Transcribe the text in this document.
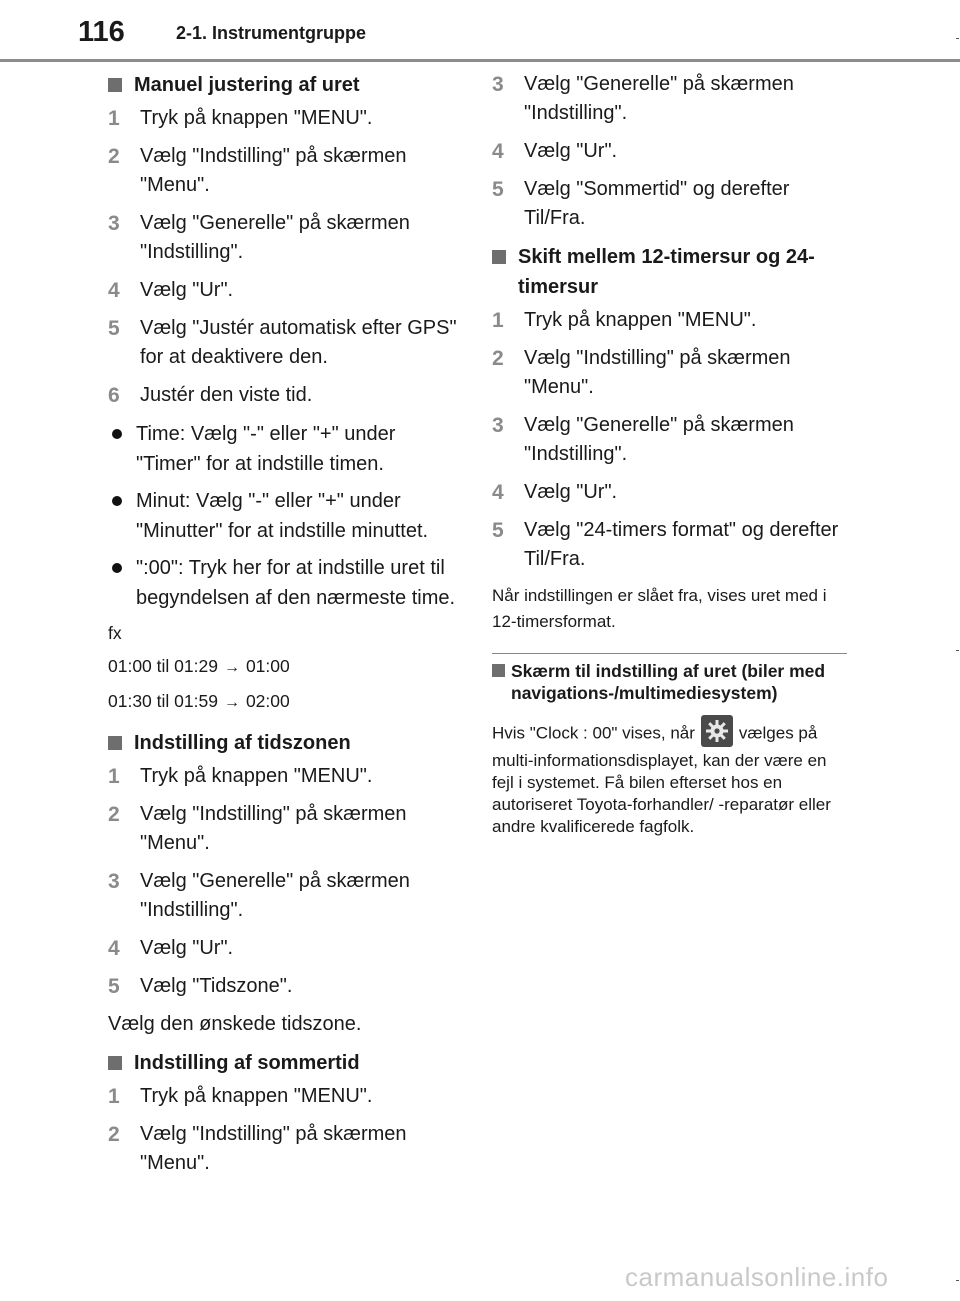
116	2-1. Instrumentgruppe
Manuel justering af uret
1	Tryk på knappen "MENU".
2	Vælg "Indstilling" på skærmen "Menu".
3	Vælg "Generelle" på skærmen "Indstilling".
4	Vælg "Ur".
5	Vælg "Justér automatisk efter GPS" for at deaktivere den.
6	Justér den viste tid.
Time: Vælg "-" eller "+" under "Timer" for at indstille timen.
Minut: Vælg "-" eller "+" under "Minutter" for at indstille minuttet.
":00": Tryk her for at indstille uret til begyndelsen af den nærmeste time.
fx
01:00 til 01:29 → 01:00
01:30 til 01:59 → 02:00
Indstilling af tidszonen
1	Tryk på knappen "MENU".
2	Vælg "Indstilling" på skærmen "Menu".
3	Vælg "Generelle" på skærmen "Indstilling".
4	Vælg "Ur".
5	Vælg "Tidszone".
Vælg den ønskede tidszone.
Indstilling af sommertid
1	Tryk på knappen "MENU".
2	Vælg "Indstilling" på skærmen "Menu".
3	Vælg "Generelle" på skærmen "Indstilling".
4	Vælg "Ur".
5	Vælg "Sommertid" og derefter Til/Fra.
Skift mellem 12-timersur og 24-timersur
1	Tryk på knappen "MENU".
2	Vælg "Indstilling" på skærmen "Menu".
3	Vælg "Generelle" på skærmen "Indstilling".
4	Vælg "Ur".
5	Vælg "24-timers format" og derefter Til/Fra.
Når indstillingen er slået fra, vises uret med i 12-timersformat.
Skærm til indstilling af uret (biler med navigations-/multimediesystem)
Hvis "Clock : 00" vises, når	vælges på multi-informationsdisplayet, kan der være en fejl i systemet. Få bilen efterset hos en autoriseret Toyota-forhandler/ -reparatør eller andre kvalificerede fagfolk.
carmanualsonline.info
